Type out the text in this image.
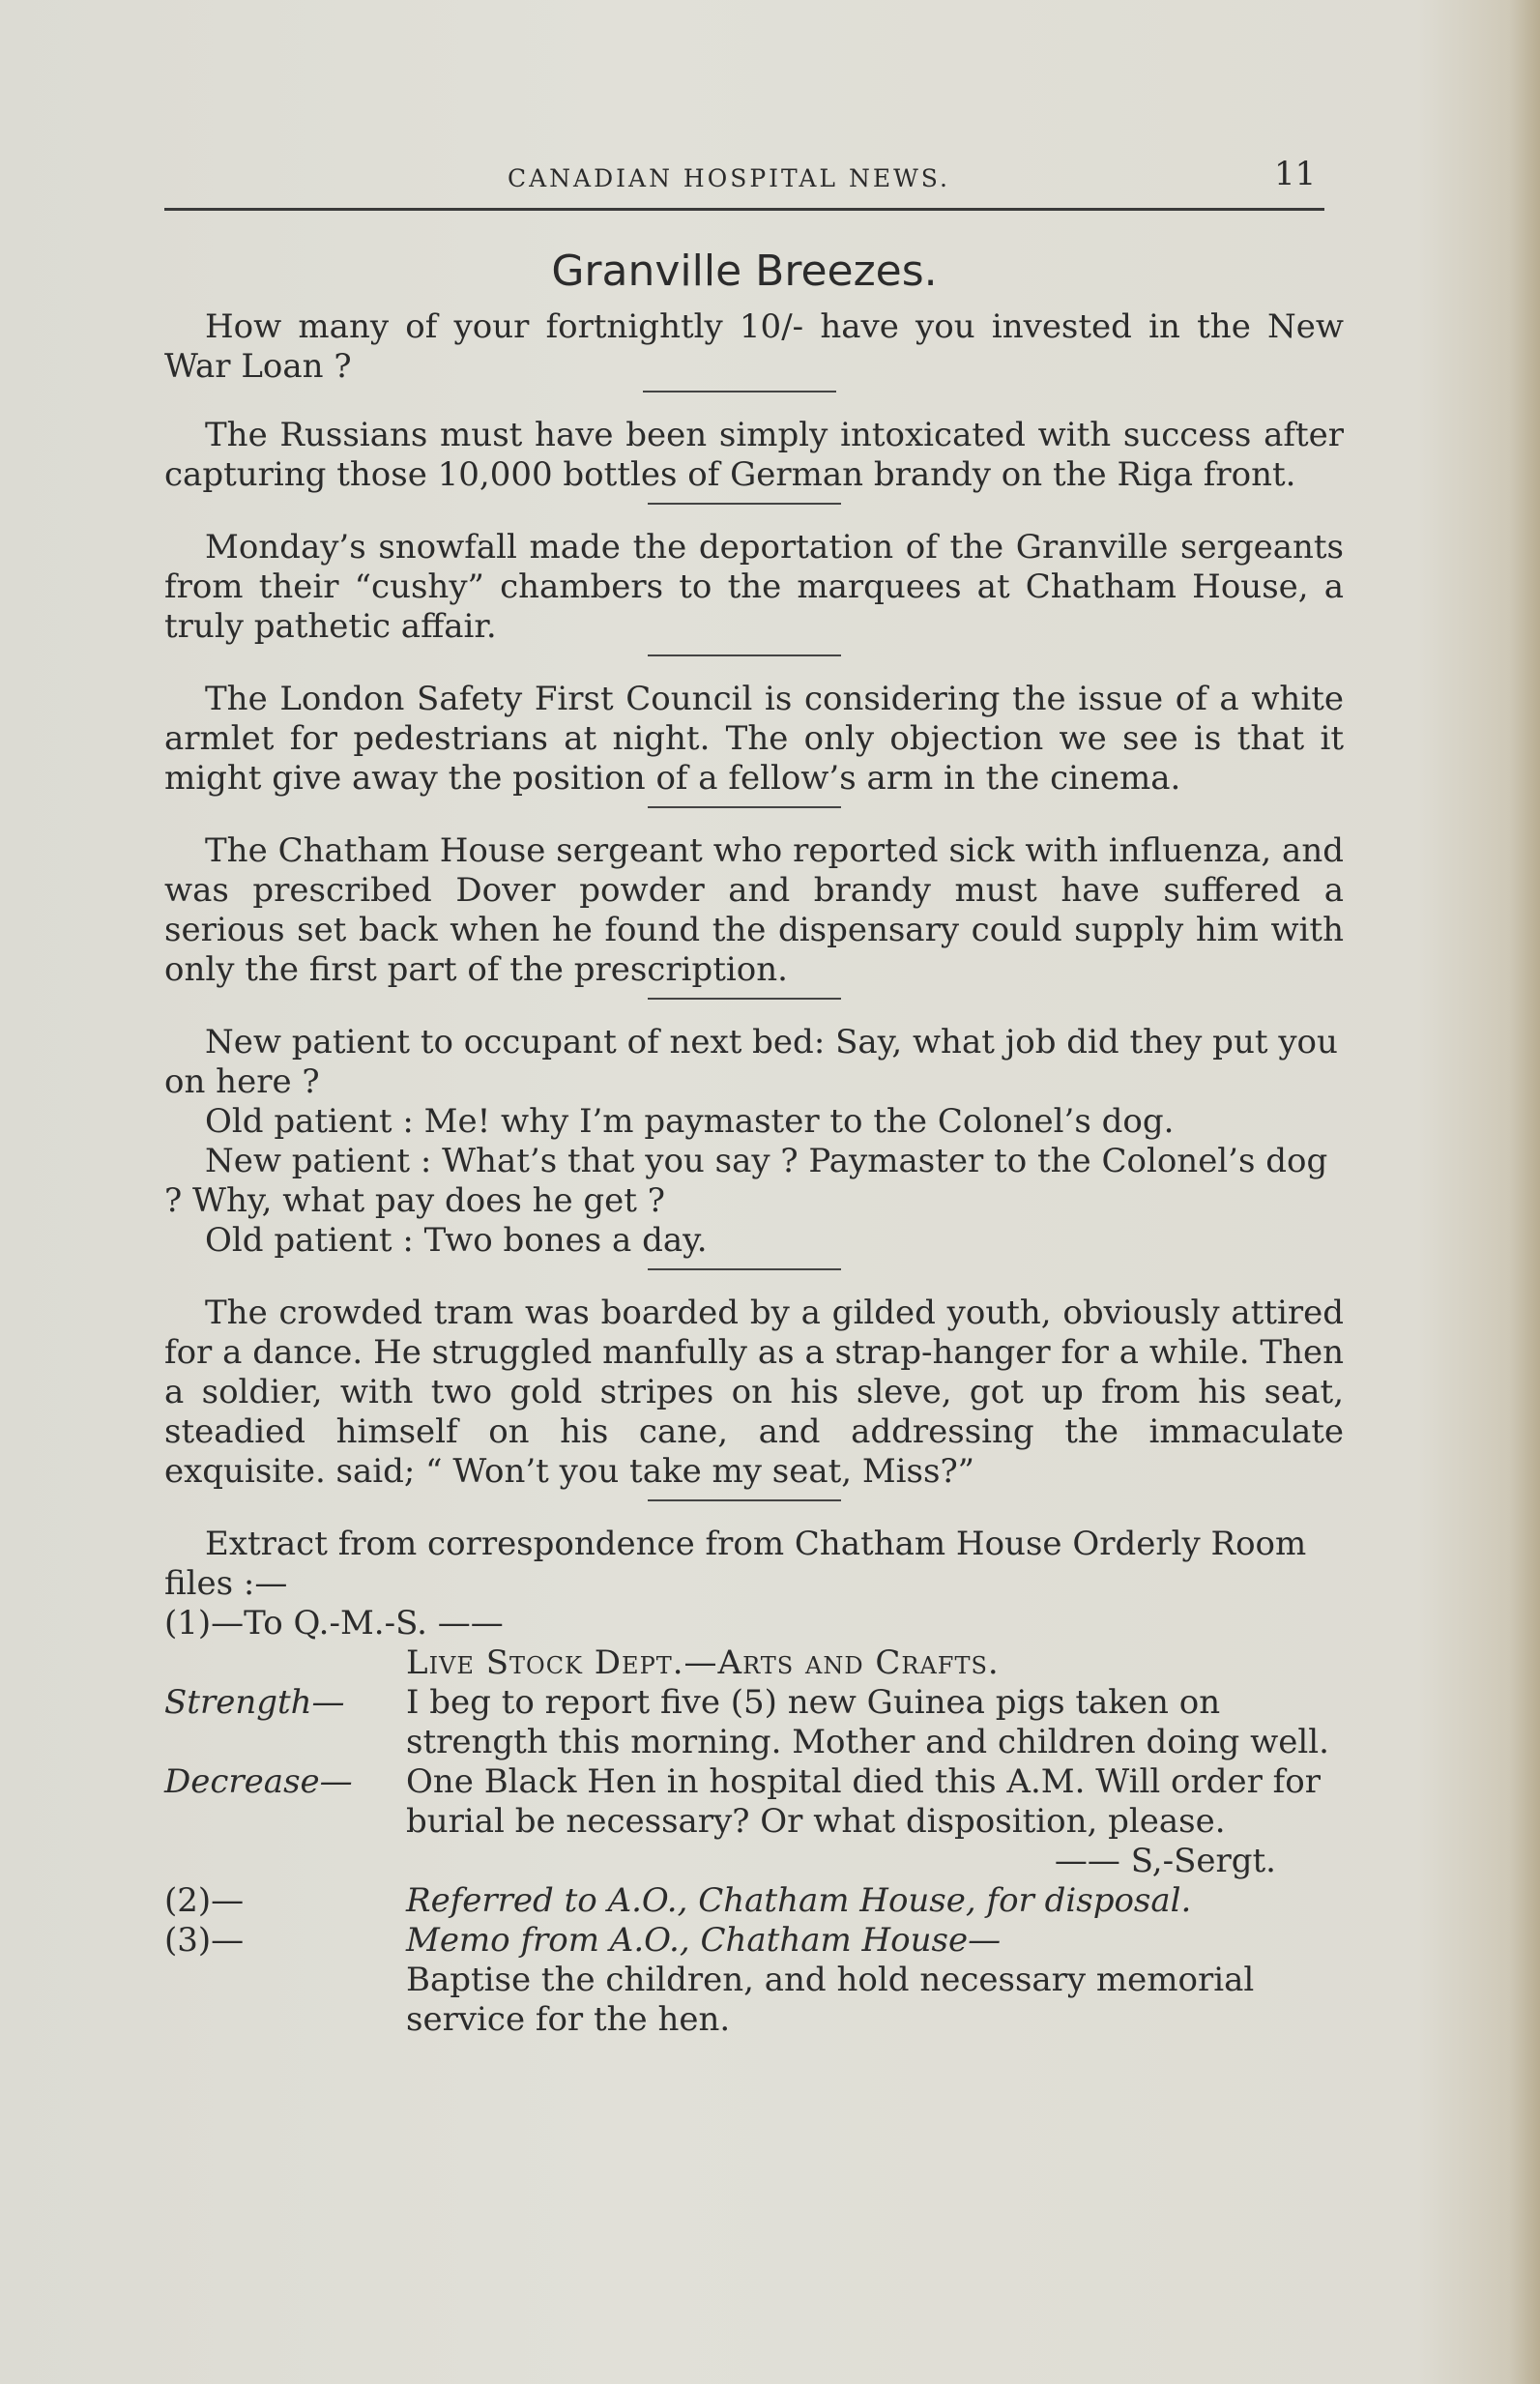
CANADIAN HOSPITAL NEWS.	11
Granville Breezes.

How many of your fortnightly 10/- have you invested in the New War Loan ?

The Russians must have been simply intoxicated with success after capturing those 10,000 bottles of German brandy on the Riga front.

Monday’s snowfall made the deportation of the Granville sergeants from their “cushy” chambers to the marquees at Chatham House, a truly pathetic affair.

The London Safety First Council is considering the issue of a white armlet for pedestrians at night. The only objection we see is that it might give away the position of a fellow’s arm in the cinema.

The Chatham House sergeant who reported sick with influenza, and was prescribed Dover powder and brandy must have suffered a serious set back when he found the dispensary could supply him with only the first part of the prescription.

New patient to occupant of next bed: Say, what job did they put you on here ?

Old patient : Me! why I’m paymaster to the Colonel’s dog.

New patient : What’s that you say ? Paymaster to the Colonel’s dog ? Why, what pay does he get ?

Old patient : Two bones a day.

The crowded tram was boarded by a gilded youth, obviously attired for a dance. He struggled manfully as a strap-hanger for a while. Then a soldier, with two gold stripes on his sleve, got up from his seat, steadied himself on his cane, and addressing the immaculate exquisite. said; “ Won’t you take my seat, Miss?”

Extract from correspondence from Chatham House Orderly Room files :—

(1)—To Q.-M.-S. ——

Live Stock Dept.—Arts and Crafts.

Strength—	I beg to report five (5) new Guinea pigs taken on strength this morning. Mother and children doing well.
Decrease—	One Black Hen in hospital died this A.M. Will order for burial be necessary? Or what disposition, please.

—— S,-Sergt.

(2)—	Referred to A.O., Chatham House, for disposal.
(3)—	Memo from A.O., Chatham House—
Baptise the children, and hold necessary memorial service for the hen.
